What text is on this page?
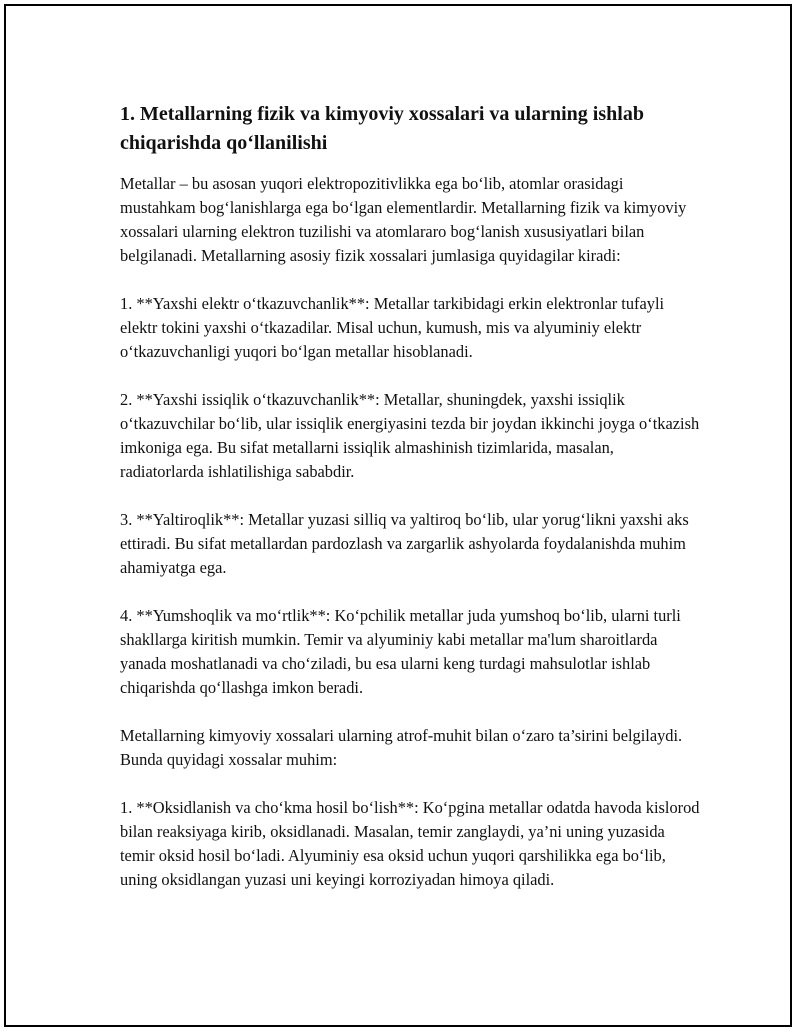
1. Metallarning fizik va kimyoviy xossalari va ularning ishlab chiqarishda qo‘llanilishi

Metallar – bu asosan yuqori elektropozitivlikka ega bo‘lib, atomlar orasidagi mustahkam bog‘lanishlarga ega bo‘lgan elementlardir. Metallarning fizik va kimyoviy xossalari ularning elektron tuzilishi va atomlararo bog‘lanish xususiyatlari bilan belgilanadi. Metallarning asosiy fizik xossalari jumlasiga quyidagilar kiradi:

1. **Yaxshi elektr o‘tkazuvchanlik**: Metallar tarkibidagi erkin elektronlar tufayli elektr tokini yaxshi o‘tkazadilar. Misal uchun, kumush, mis va alyuminiy elektr o‘tkazuvchanligi yuqori bo‘lgan metallar hisoblanadi.

2. **Yaxshi issiqlik o‘tkazuvchanlik**: Metallar, shuningdek, yaxshi issiqlik o‘tkazuvchilar bo‘lib, ular issiqlik energiyasini tezda bir joydan ikkinchi joyga o‘tkazish imkoniga ega. Bu sifat metallarni issiqlik almashinish tizimlarida, masalan, radiatorlarda ishlatilishiga sababdir.

3. **Yaltiroqlik**: Metallar yuzasi silliq va yaltiroq bo‘lib, ular yorug‘likni yaxshi aks ettiradi. Bu sifat metallardan pardozlash va zargarlik ashyolarda foydalanishda muhim ahamiyatga ega.

4. **Yumshoqlik va mo‘rtlik**: Ko‘pchilik metallar juda yumshoq bo‘lib, ularni turli shakllarga kiritish mumkin. Temir va alyuminiy kabi metallar ma'lum sharoitlarda yanada moshatlanadi va cho‘ziladi, bu esa ularni keng turdagi mahsulotlar ishlab chiqarishda qo‘llashga imkon beradi.

Metallarning kimyoviy xossalari ularning atrof-muhit bilan o‘zaro ta’sirini belgilaydi. Bunda quyidagi xossalar muhim:

1. **Oksidlanish va cho‘kma hosil bo‘lish**: Ko‘pgina metallar odatda havoda kislorod bilan reaksiyaga kirib, oksidlanadi. Masalan, temir zanglaydi, ya’ni uning yuzasida temir oksid hosil bo‘ladi. Alyuminiy esa oksid uchun yuqori qarshilikka ega bo‘lib, uning oksidlangan yuzasi uni keyingi korroziyadan himoya qiladi.
